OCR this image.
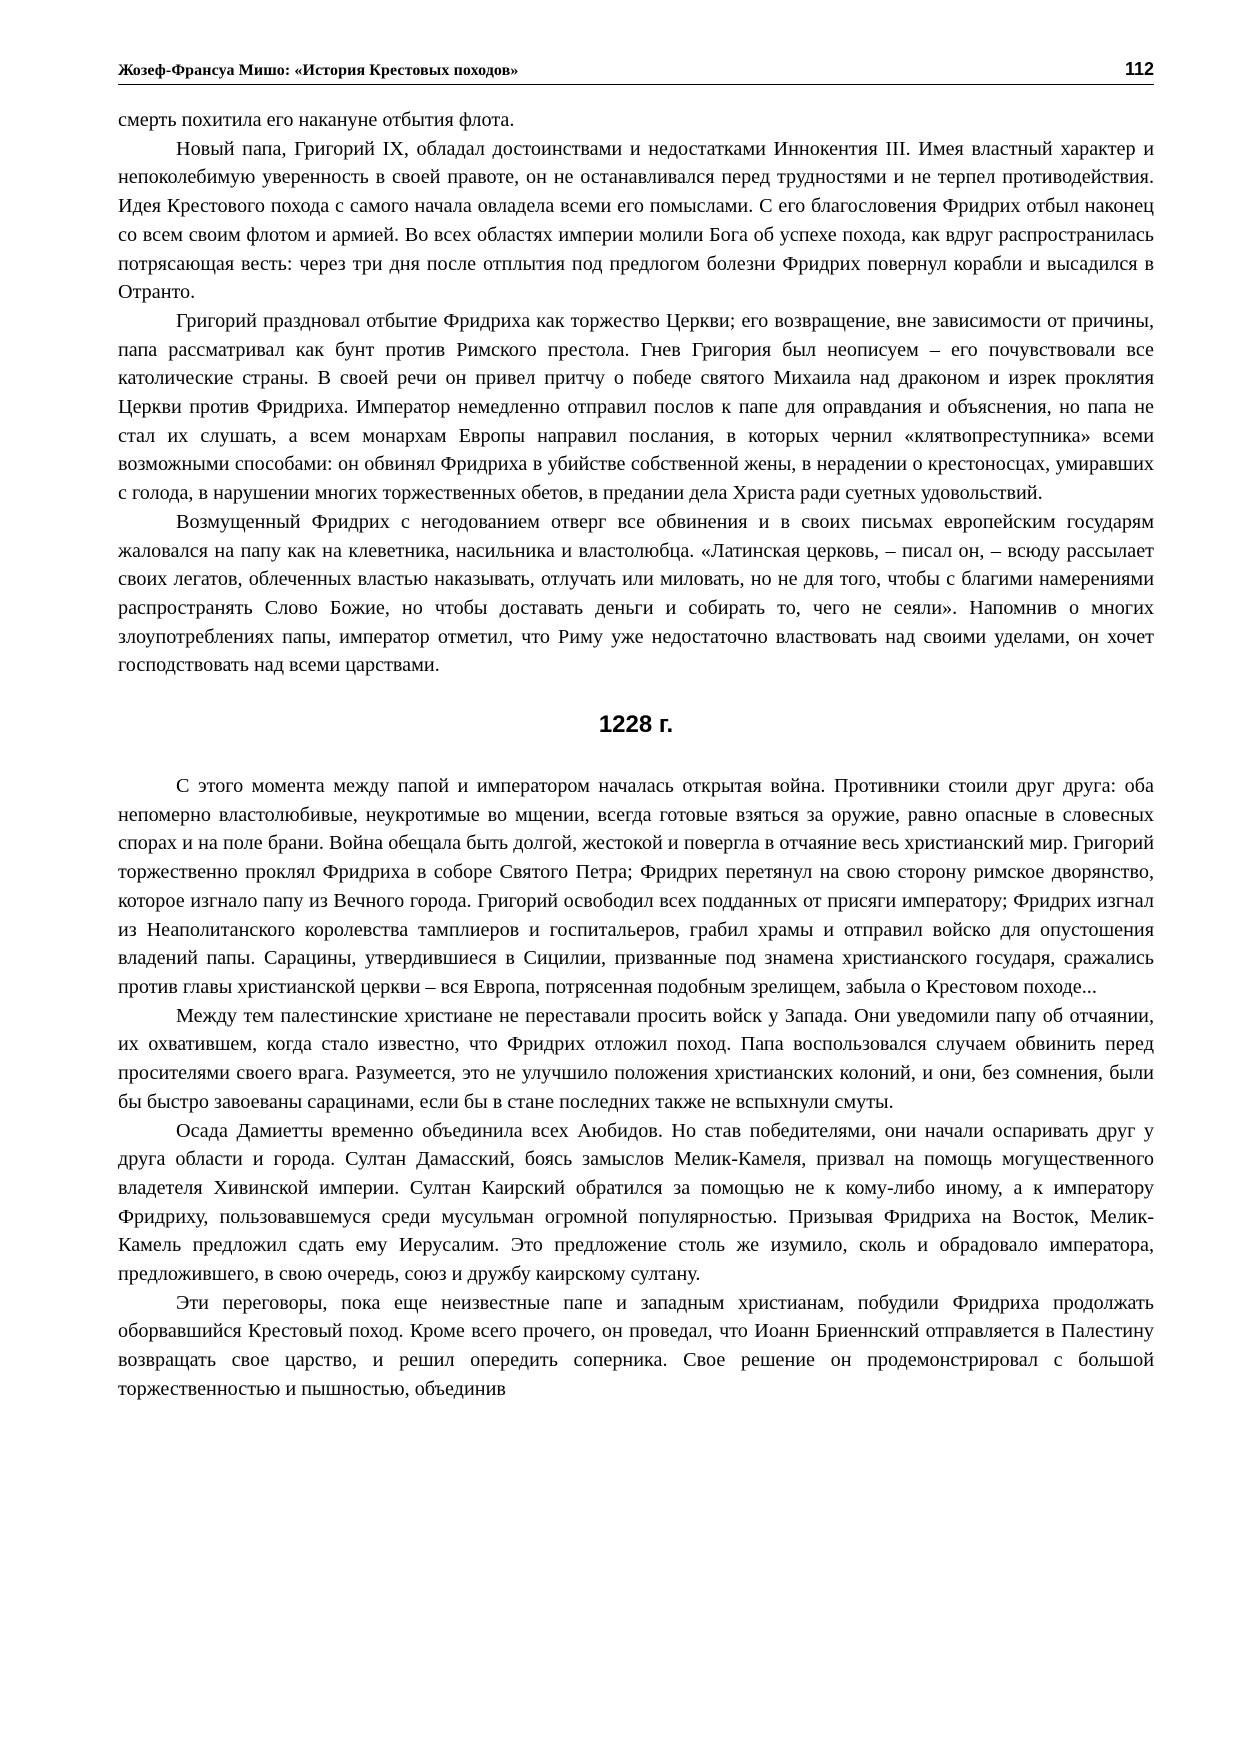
Жозеф-Франсуа Мишо: «История Крестовых походов»	112

смерть похитила его накануне отбытия флота.

Новый папа, Григорий IX, обладал достоинствами и недостатками Иннокентия III. Имея властный характер и непоколебимую уверенность в своей правоте, он не останавливался перед трудностями и не терпел противодействия. Идея Крестового похода с самого начала овладела всеми его помыслами. С его благословения Фридрих отбыл наконец со всем своим флотом и армией. Во всех областях империи молили Бога об успехе похода, как вдруг распространилась потрясающая весть: через три дня после отплытия под предлогом болезни Фридрих повернул корабли и высадился в Отранто.

Григорий праздновал отбытие Фридриха как торжество Церкви; его возвращение, вне зависимости от причины, папа рассматривал как бунт против Римского престола. Гнев Григория был неописуем – его почувствовали все католические страны. В своей речи он привел притчу о победе святого Михаила над драконом и изрек проклятия Церкви против Фридриха. Император немедленно отправил послов к папе для оправдания и объяснения, но папа не стал их слушать, а всем монархам Европы направил послания, в которых чернил «клятвопреступника» всеми возможными способами: он обвинял Фридриха в убийстве собственной жены, в нерадении о крестоносцах, умиравших с голода, в нарушении многих торжественных обетов, в предании дела Христа ради суетных удовольствий.

Возмущенный Фридрих с негодованием отверг все обвинения и в своих письмах европейским государям жаловался на папу как на клеветника, насильника и властолюбца. «Латинская церковь, – писал он, – всюду рассылает своих легатов, облеченных властью наказывать, отлучать или миловать, но не для того, чтобы с благими намерениями распространять Слово Божие, но чтобы доставать деньги и собирать то, чего не сеяли». Напомнив о многих злоупотреблениях папы, император отметил, что Риму уже недостаточно властвовать над своими уделами, он хочет господствовать над всеми царствами.

1228 г.

С этого момента между папой и императором началась открытая война. Противники стоили друг друга: оба непомерно властолюбивые, неукротимые во мщении, всегда готовые взяться за оружие, равно опасные в словесных спорах и на поле брани. Война обещала быть долгой, жестокой и повергла в отчаяние весь христианский мир. Григорий торжественно проклял Фридриха в соборе Святого Петра; Фридрих перетянул на свою сторону римское дворянство, которое изгнало папу из Вечного города. Григорий освободил всех подданных от присяги императору; Фридрих изгнал из Неаполитанского королевства тамплиеров и госпитальеров, грабил храмы и отправил войско для опустошения владений папы. Сарацины, утвердившиеся в Сицилии, призванные под знамена христианского государя, сражались против главы христианской церкви – вся Европа, потрясенная подобным зрелищем, забыла о Крестовом походе...

Между тем палестинские христиане не переставали просить войск у Запада. Они уведомили папу об отчаянии, их охватившем, когда стало известно, что Фридрих отложил поход. Папа воспользовался случаем обвинить перед просителями своего врага. Разумеется, это не улучшило положения христианских колоний, и они, без сомнения, были бы быстро завоеваны сарацинами, если бы в стане последних также не вспыхнули смуты.

Осада Дамиетты временно объединила всех Аюбидов. Но став победителями, они начали оспаривать друг у друга области и города. Султан Дамасский, боясь замыслов Мелик-Камеля, призвал на помощь могущественного владетеля Хивинской империи. Султан Каирский обратился за помощью не к кому-либо иному, а к императору Фридриху, пользовавшемуся среди мусульман огромной популярностью. Призывая Фридриха на Восток, Мелик-Камель предложил сдать ему Иерусалим. Это предложение столь же изумило, сколь и обрадовало императора, предложившего, в свою очередь, союз и дружбу каирскому султану.

Эти переговоры, пока еще неизвестные папе и западным христианам, побудили Фридриха продолжать оборвавшийся Крестовый поход. Кроме всего прочего, он проведал, что Иоанн Бриеннский отправляется в Палестину возвращать свое царство, и решил опередить соперника. Свое решение он продемонстрировал с большой торжественностью и пышностью, объединив
